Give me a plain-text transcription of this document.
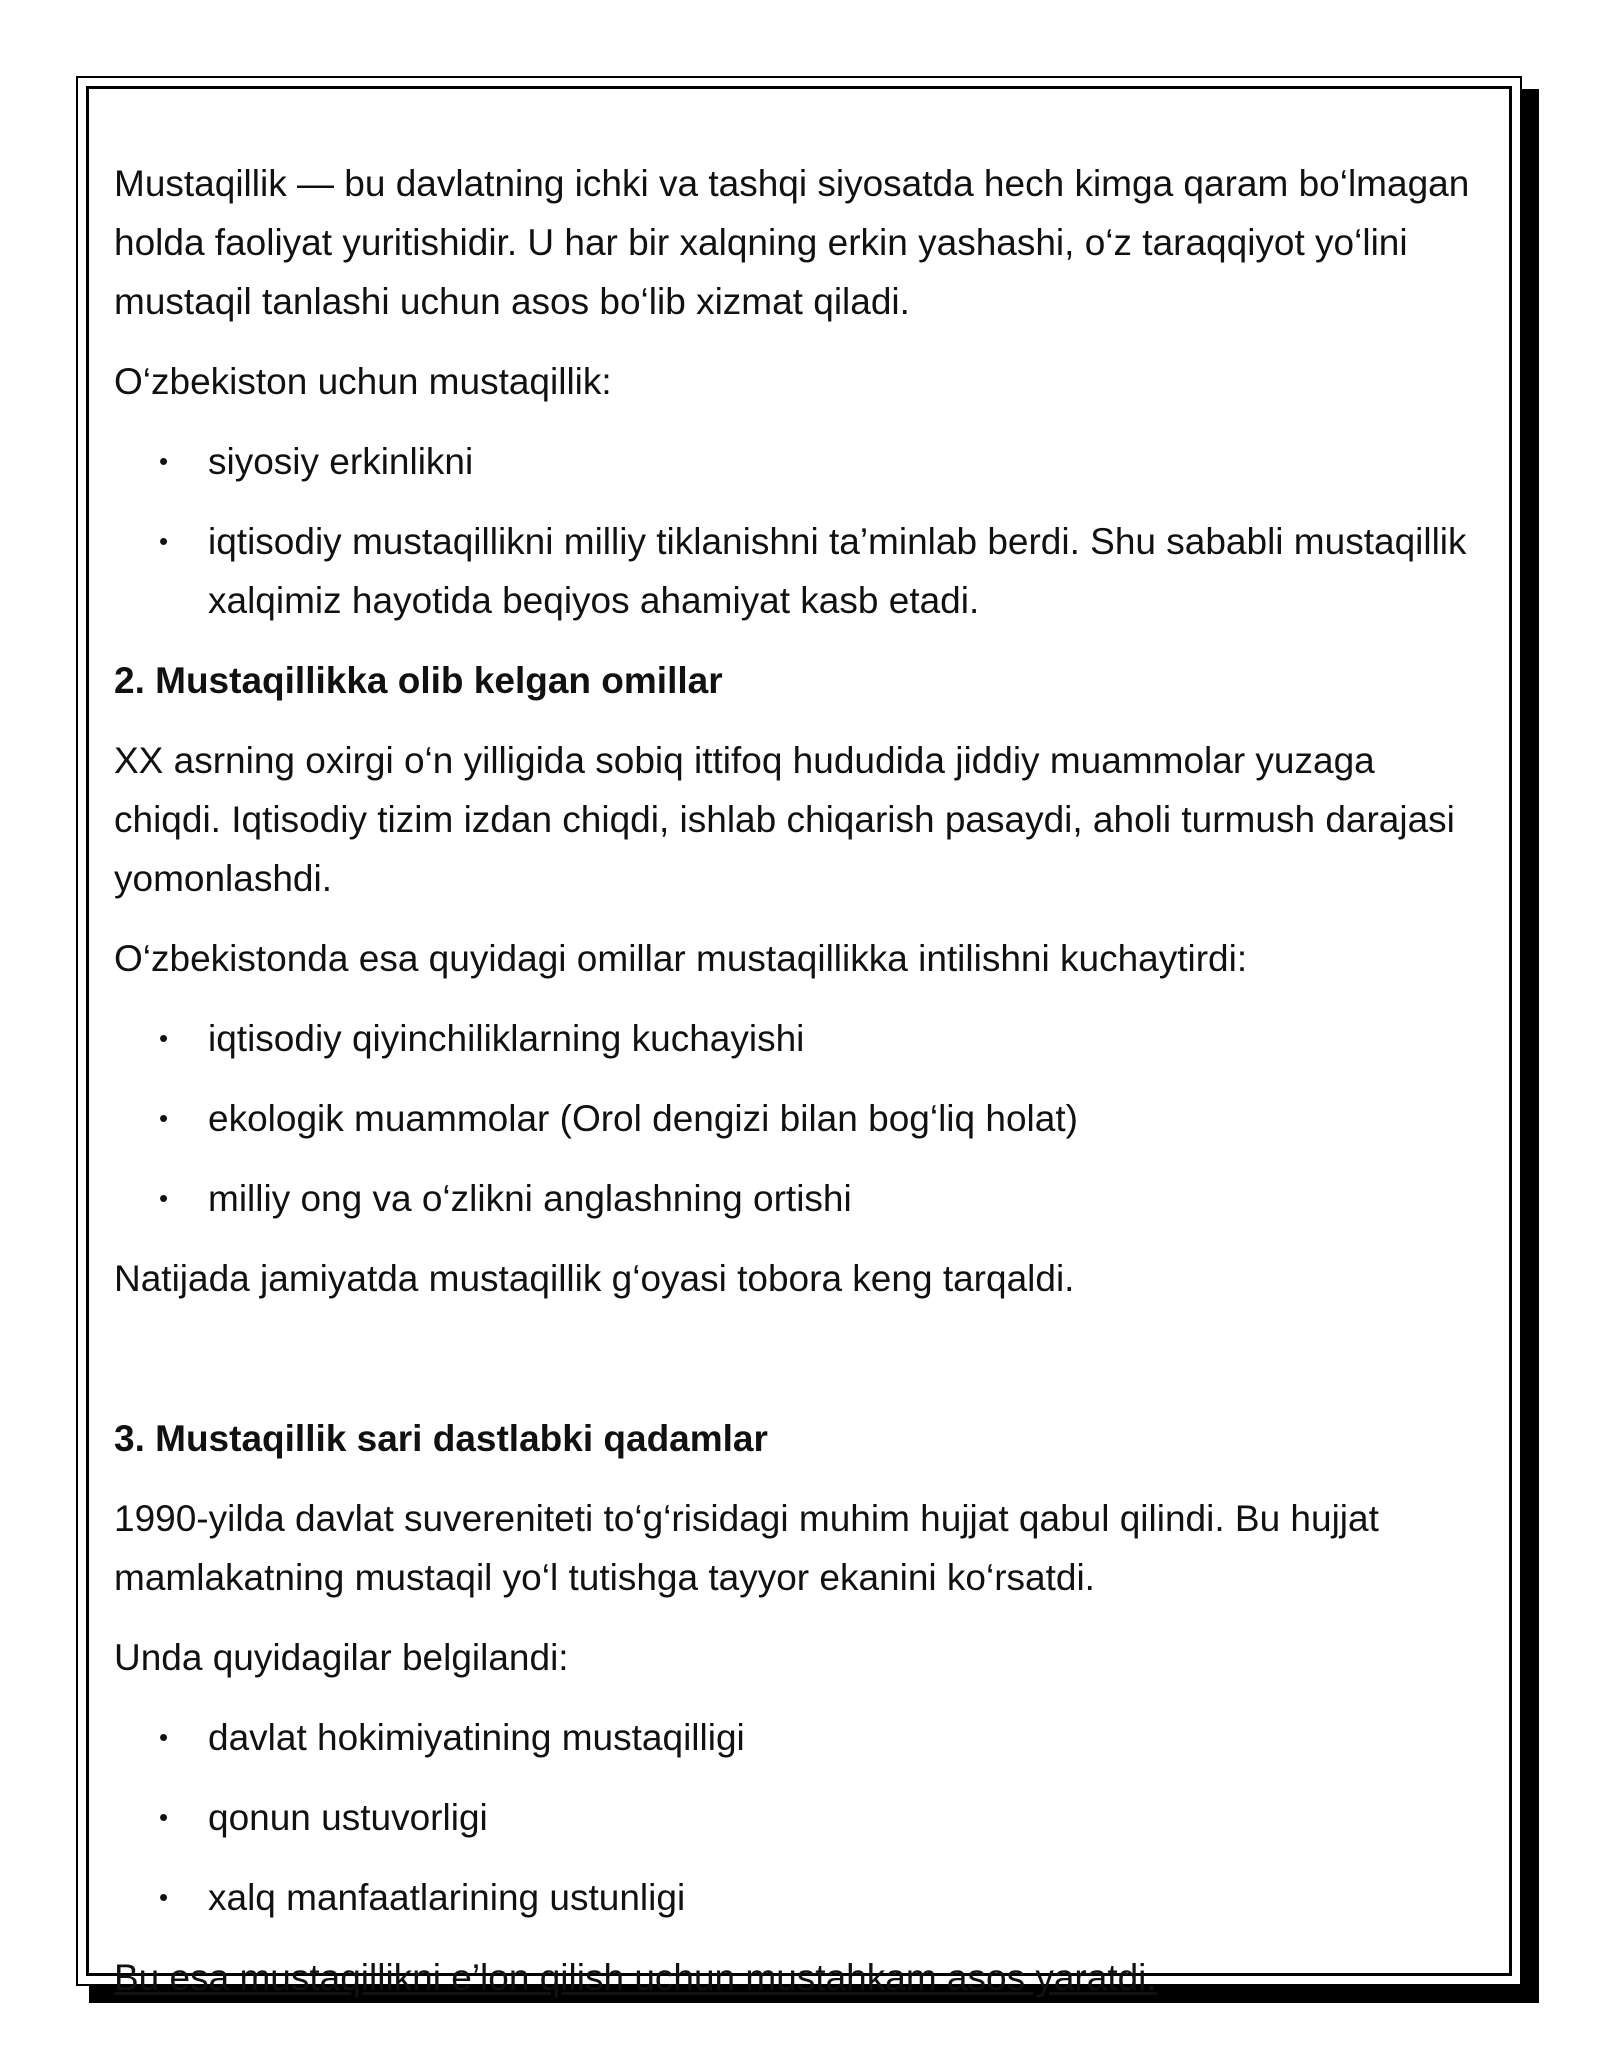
Mustaqillik — bu davlatning ichki va tashqi siyosatda hech kimga qaram bo‘lmagan holda faoliyat yuritishidir. U har bir xalqning erkin yashashi, o‘z taraqqiyot yo‘lini mustaqil tanlashi uchun asos bo‘lib xizmat qiladi.

O‘zbekiston uchun mustaqillik:

• siyosiy erkinlikni
• iqtisodiy mustaqillikni milliy tiklanishni ta’minlab berdi. Shu sababli mustaqillik xalqimiz hayotida beqiyos ahamiyat kasb etadi.

2. Mustaqillikka olib kelgan omillar

XX asrning oxirgi o‘n yilligida sobiq ittifoq hududida jiddiy muammolar yuzaga chiqdi. Iqtisodiy tizim izdan chiqdi, ishlab chiqarish pasaydi, aholi turmush darajasi yomonlashdi.

O‘zbekistonda esa quyidagi omillar mustaqillikka intilishni kuchaytirdi:

• iqtisodiy qiyinchiliklarning kuchayishi
• ekologik muammolar (Orol dengizi bilan bog‘liq holat)
• milliy ong va o‘zlikni anglashning ortishi

Natijada jamiyatda mustaqillik g‘oyasi tobora keng tarqaldi.

3. Mustaqillik sari dastlabki qadamlar

1990-yilda davlat suvereniteti to‘g‘risidagi muhim hujjat qabul qilindi. Bu hujjat mamlakatning mustaqil yo‘l tutishga tayyor ekanini ko‘rsatdi.

Unda quyidagilar belgilandi:

• davlat hokimiyatining mustaqilligi
• qonun ustuvorligi
• xalq manfaatlarining ustunligi

Bu esa mustaqillikni e’lon qilish uchun mustahkam asos yaratdi.
